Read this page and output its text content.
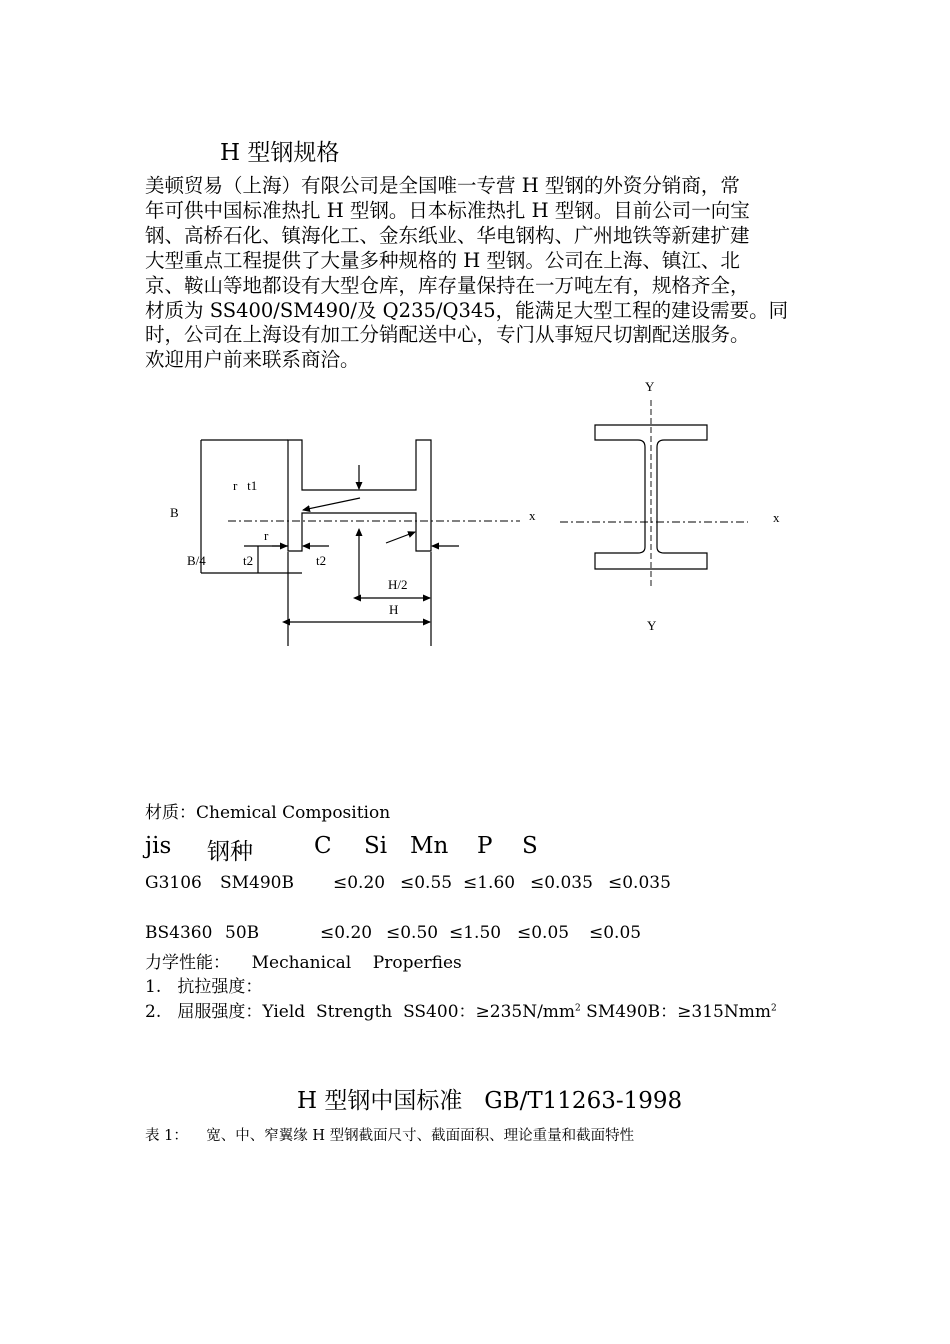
H 型钢规格
美顿贸易（上海）有限公司是全国唯一专营 H 型钢的外资分销商，常
年可供中国标准热扎 H 型钢。日本标准热扎 H 型钢。目前公司一向宝
钢、高桥石化、镇海化工、金东纸业、华电钢构、广州地铁等新建扩建
大型重点工程提供了大量多种规格的 H 型钢。公司在上海、镇江、北
京、鞍山等地都设有大型仓库，库存量保持在一万吨左有，规格齐全，
材质为 SS400/SM490/及 Q235/Q345，能满足大型工程的建设需要。同
时，公司在上海设有加工分销配送中心，专门从事短尺切割配送服务。
欢迎用户前来联系商洽。
B
B/4
r   t1
r
t2	t2
x
H/2
H
Y
Y
x
材质：Chemical Composition
jis 钢种	C Si Mn P S
G3106 SM490B ≤0.20 ≤0.55 ≤1.60 ≤0.035 ≤0.035
BS4360 50B	≤0.20 ≤0.50 ≤1.50 ≤0.05 ≤0.05
力学性能：    Mechanical    Properfies
1.   抗拉强度：
2.   屈服强度：Yield  Strength  SS400：$\ge 235N/mm^2$ SM490B：≥315Nmm$^2$
H 型钢中国标准   GB/T11263-1998
表 1：    宽、中、窄翼缘 H 型钢截面尺寸、截面面积、理论重量和截面特性
